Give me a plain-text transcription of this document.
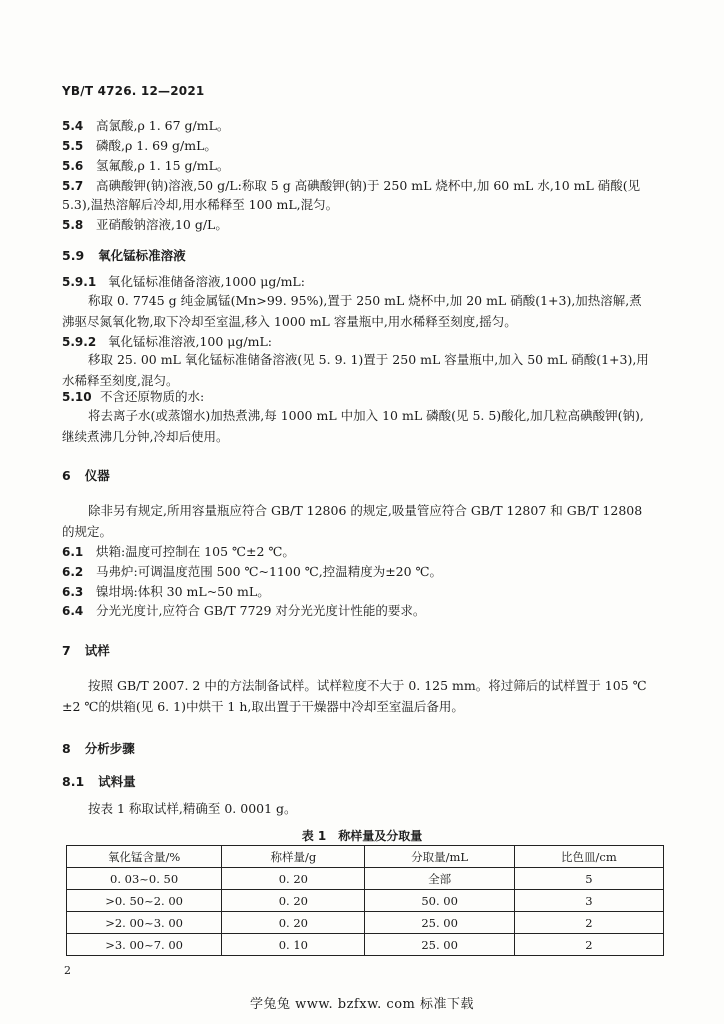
YB/T 4726. 12—2021
5.4 高氯酸,ρ 1. 67 g/mL。
5.5 磷酸,ρ 1. 69 g/mL。
5.6 氢氟酸,ρ 1. 15 g/mL。
5.7 高碘酸钾(钠)溶液,50 g/L:称取 5 g 高碘酸钾(钠)于 250 mL 烧杯中,加 60 mL 水,10 mL 硝酸(见
5.3),温热溶解后冷却,用水稀释至 100 mL,混匀。
5.8 亚硝酸钠溶液,10 g/L。
5.9 氧化锰标准溶液
5.9.1 氧化锰标准储备溶液,1000 μg/mL:
称取 0. 7745 g 纯金属锰(Mn>99. 95%),置于 250 mL 烧杯中,加 20 mL 硝酸(1+3),加热溶解,煮沸驱尽氮氧化物,取下冷却至室温,移入 1000 mL 容量瓶中,用水稀释至刻度,摇匀。
5.9.2 氧化锰标准溶液,100 μg/mL:
移取 25. 00 mL 氧化锰标准储备溶液(见 5. 9. 1)置于 250 mL 容量瓶中,加入 50 mL 硝酸(1+3),用水稀释至刻度,混匀。
5.10 不含还原物质的水:
将去离子水(或蒸馏水)加热煮沸,每 1000 mL 中加入 10 mL 磷酸(见 5. 5)酸化,加几粒高碘酸钾(钠),继续煮沸几分钟,冷却后使用。
6 仪器
除非另有规定,所用容量瓶应符合 GB/T 12806 的规定,吸量管应符合 GB/T 12807 和 GB/T 12808 的规定。
6.1 烘箱:温度可控制在 105 ℃±2 ℃。
6.2 马弗炉:可调温度范围 500 ℃~1100 ℃,控温精度为±20 ℃。
6.3 镍坩埚:体积 30 mL~50 mL。
6.4 分光光度计,应符合 GB/T 7729 对分光光度计性能的要求。
7 试样
按照 GB/T 2007. 2 中的方法制备试样。试样粒度不大于 0. 125 mm。将过筛后的试样置于 105 ℃±2 ℃的烘箱(见 6. 1)中烘干 1 h,取出置于干燥器中冷却至室温后备用。
8 分析步骤
8.1 试料量
按表 1 称取试样,精确至 0. 0001 g。
表 1　称样量及分取量
氧化锰含量/%	称样量/g	分取量/mL	比色皿/cm
0. 03~0. 50	0. 20	全部	5
>0. 50~2. 00	0. 20	50. 00	3
>2. 00~3. 00	0. 20	25. 00	2
>3. 00~7. 00	0. 10	25. 00	2
2
学兔兔 www. bzfxw. com 标准下载
